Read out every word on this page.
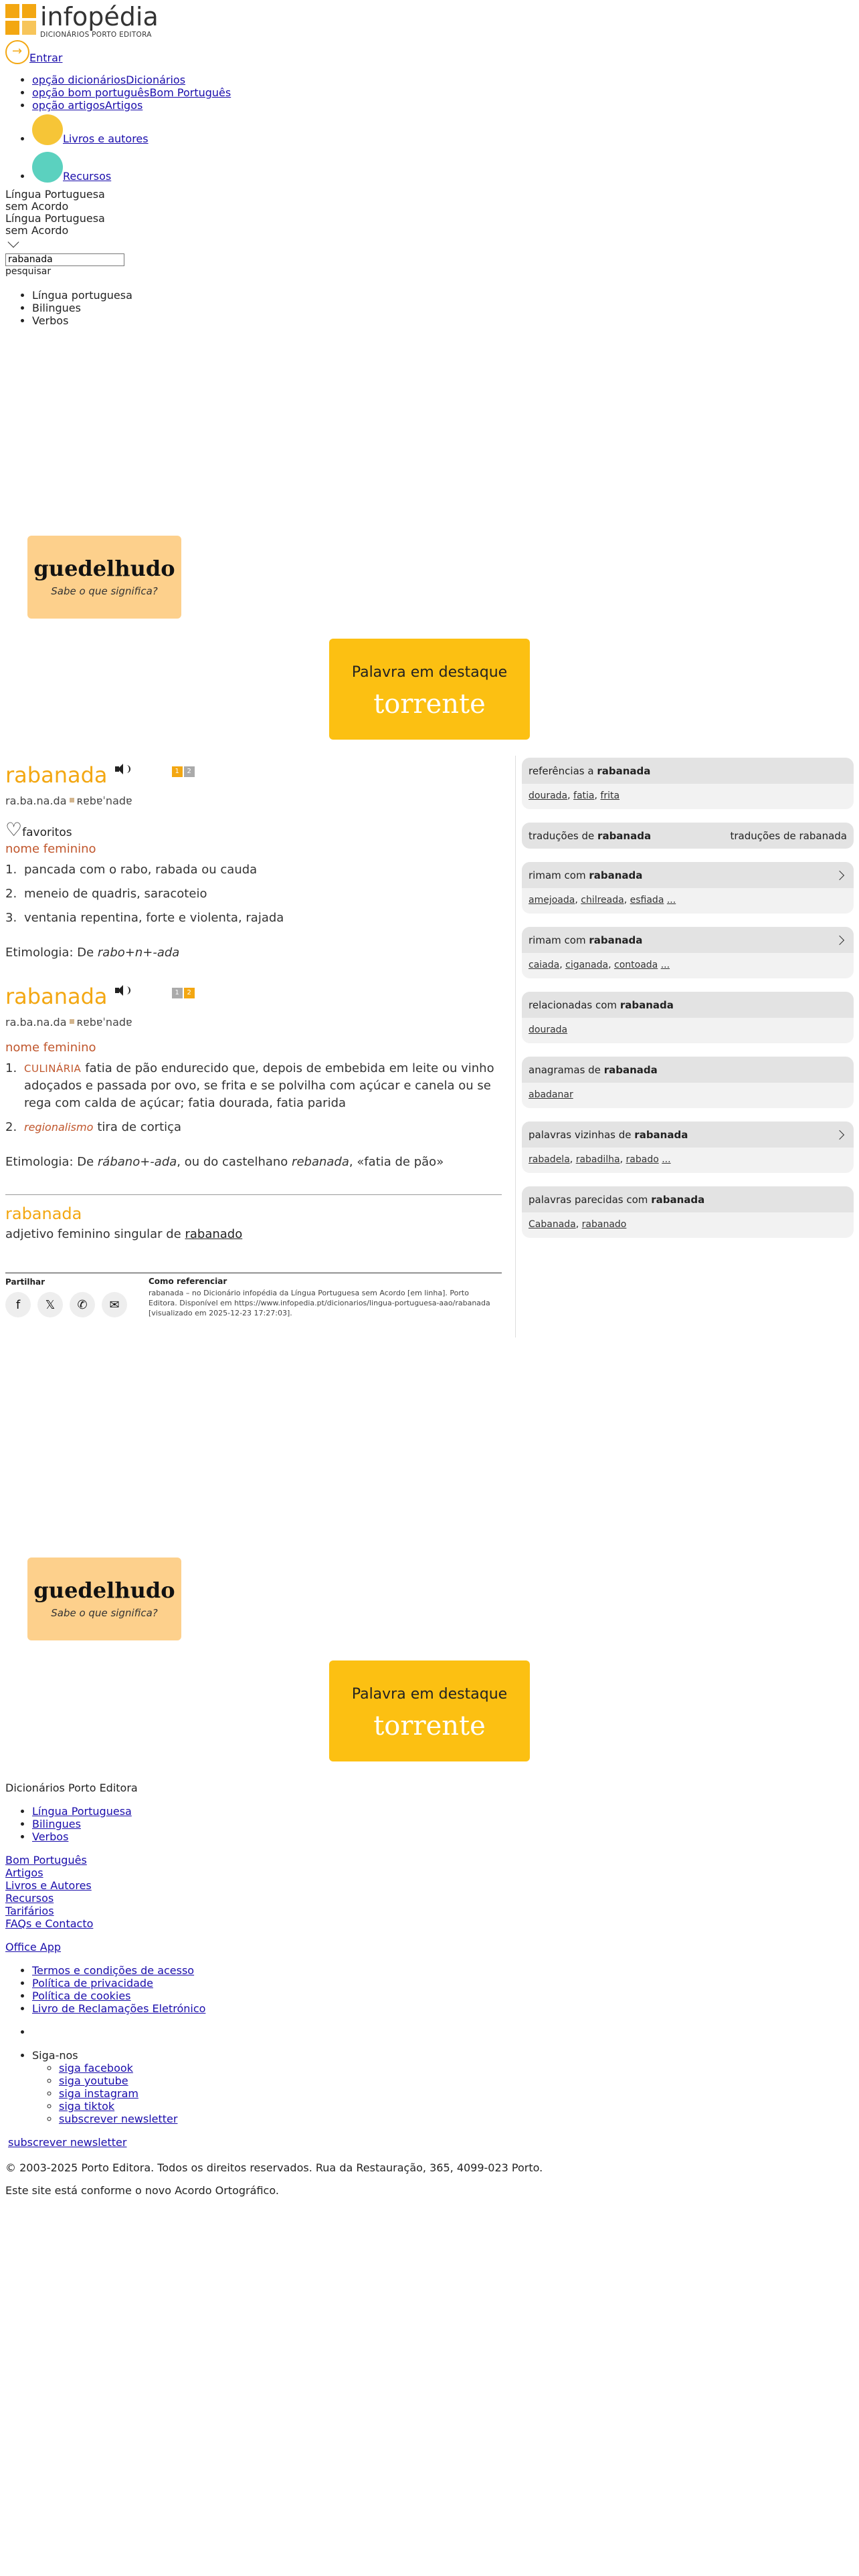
infopédia
DICIONÁRIOS PORTO EDITORA
→
Entrar
• opção dicionáriosDicionários
• opção bom portuguêsBom Português
• opção artigosArtigos
• Livros e autores
• Recursos
Língua Portuguesa
sem Acordo
Língua Portuguesa
sem Acordo
rabanada
pesquisar
• Língua portuguesa
• Bilingues
• Verbos
guedelhudo
Sabe o que significa?
Palavra em destaque
torrente
rabanada	1 2
ra.ba.na.da ʀɐbɐˈnadɐ
♡ favoritos
nome feminino
1. pancada com o rabo, rabada ou cauda
2. meneio de quadris, saracoteio
3. ventania repentina, forte e violenta, rajada
Etimologia: De rabo+n+-ada
rabanada	1 2
ra.ba.na.da ʀɐbɐˈnadɐ
nome feminino
1. CULINÁRIA fatia de pão endurecido que, depois de embebida em leite ou vinho adoçados e passada por ovo, se frita e se polvilha com açúcar e canela ou se rega com calda de açúcar; fatia dourada, fatia parida
2. regionalismo tira de cortiça
Etimologia: De rábano+-ada, ou do castelhano rebanada, «fatia de pão»
rabanada
adjetivo feminino singular de rabanado
Partilhar
f	𝕏	✆	✉
Como referenciar
rabanada – no Dicionário infopédia da Língua Portuguesa sem Acordo [em linha]. Porto Editora. Disponível em https://www.infopedia.pt/dicionarios/lingua-portuguesa-aao/rabanada [visualizado em 2025-12-23 17:27:03].
referências a rabanada
dourada, fatia, frita
traduções de rabanada	traduções de rabanada
rimam com rabanada
amejoada, chilreada, esfiada ...
rimam com rabanada
caiada, ciganada, contoada ...
relacionadas com rabanada
dourada
anagramas de rabanada
abadanar
palavras vizinhas de rabanada
rabadela, rabadilha, rabado ...
palavras parecidas com rabanada
Cabanada, rabanado
guedelhudo
Sabe o que significa?
Palavra em destaque
torrente
Dicionários Porto Editora
• Língua Portuguesa
• Bilingues
• Verbos
Bom Português
Artigos
Livros e Autores
Recursos
Tarifários
FAQs e Contacto
Office App
• Termos e condições de acesso
• Política de privacidade
• Política de cookies
• Livro de Reclamações Eletrónico
•
• Siga-nos
◦ siga facebook
◦ siga youtube
◦ siga instagram
◦ siga tiktok
◦ subscrever newsletter
subscrever newsletter
© 2003-2025 Porto Editora. Todos os direitos reservados. Rua da Restauração, 365, 4099-023 Porto.
Este site está conforme o novo Acordo Ortográfico.
